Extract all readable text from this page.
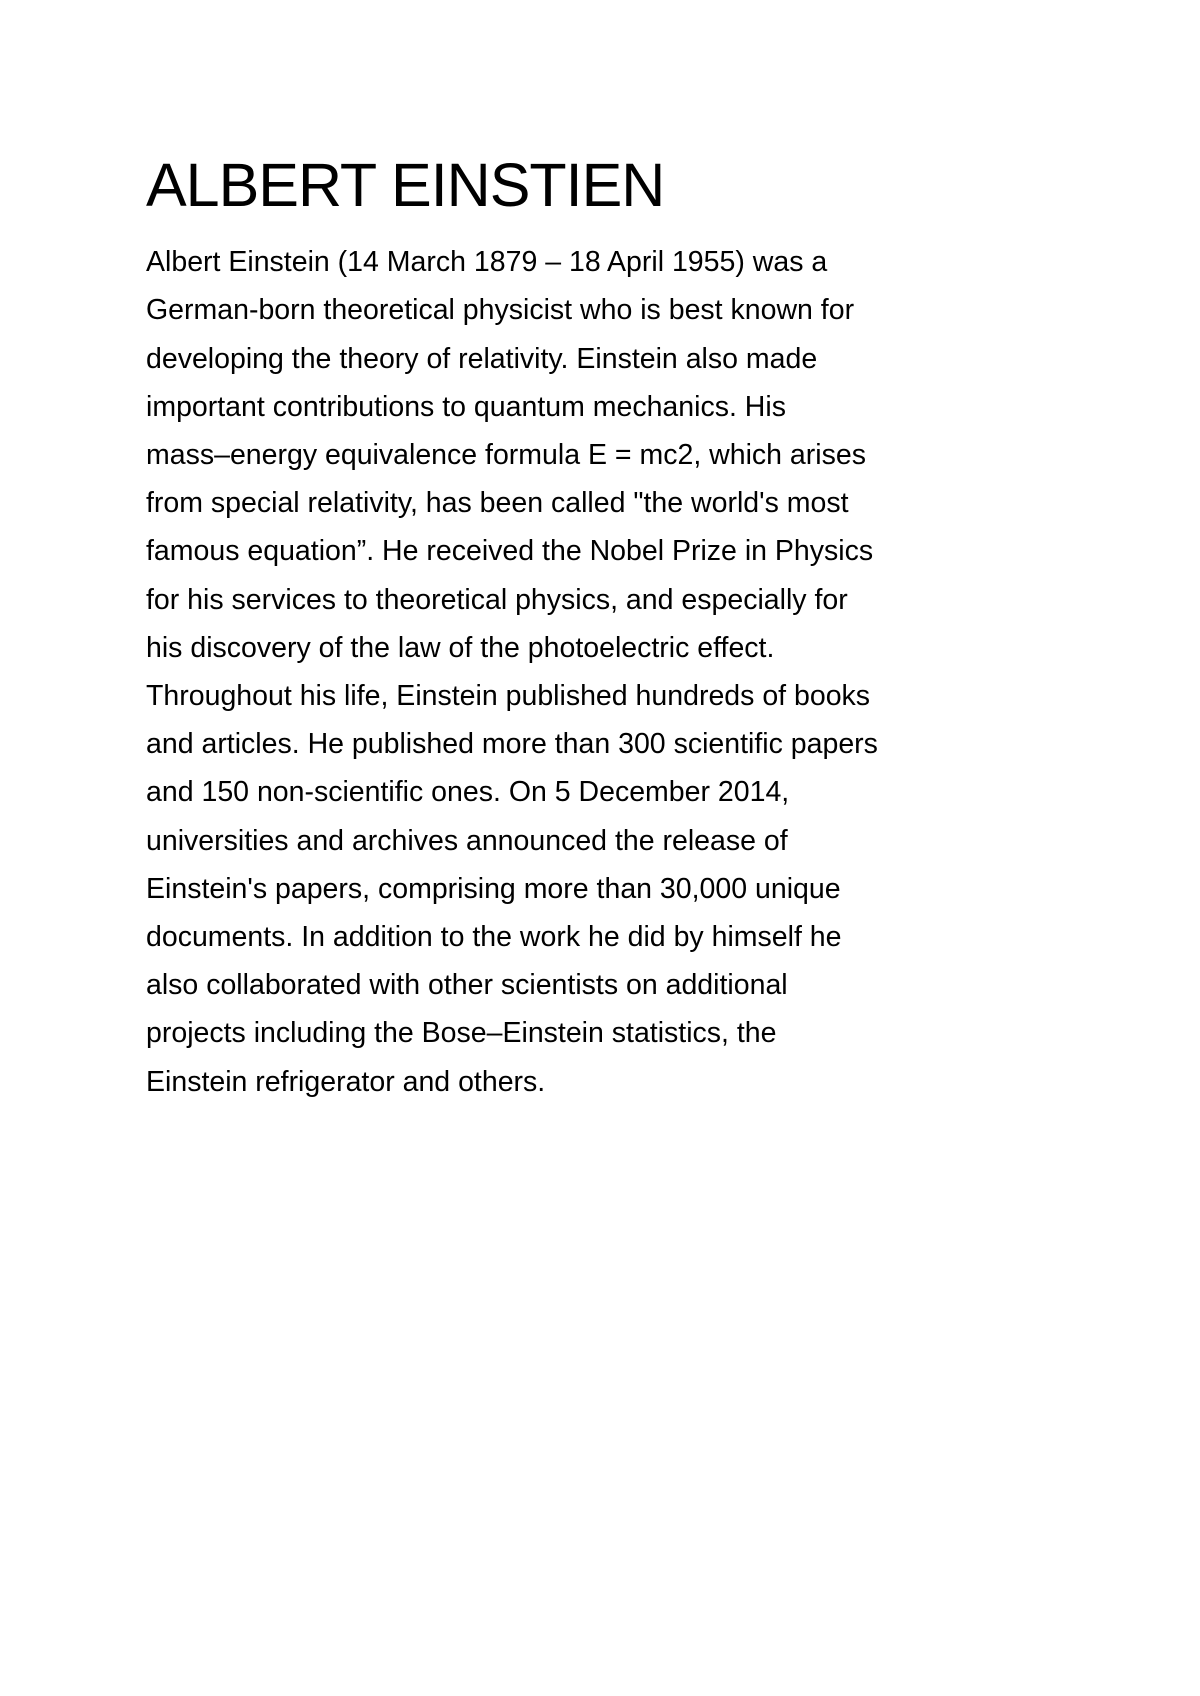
ALBERT EINSTIEN

Albert Einstein (14 March 1879 – 18 April 1955) was a
German-born theoretical physicist who is best known for
developing the theory of relativity. Einstein also made
important contributions to quantum mechanics. His
mass–energy equivalence formula E = mc2, which arises
from special relativity, has been called "the world's most
famous equation”. He received the Nobel Prize in Physics
for his services to theoretical physics, and especially for
his discovery of the law of the photoelectric effect.
Throughout his life, Einstein published hundreds of books
and articles. He published more than 300 scientific papers
and 150 non-scientific ones. On 5 December 2014,
universities and archives announced the release of
Einstein's papers, comprising more than 30,000 unique
documents. In addition to the work he did by himself he
also collaborated with other scientists on additional
projects including the Bose–Einstein statistics, the
Einstein refrigerator and others.
